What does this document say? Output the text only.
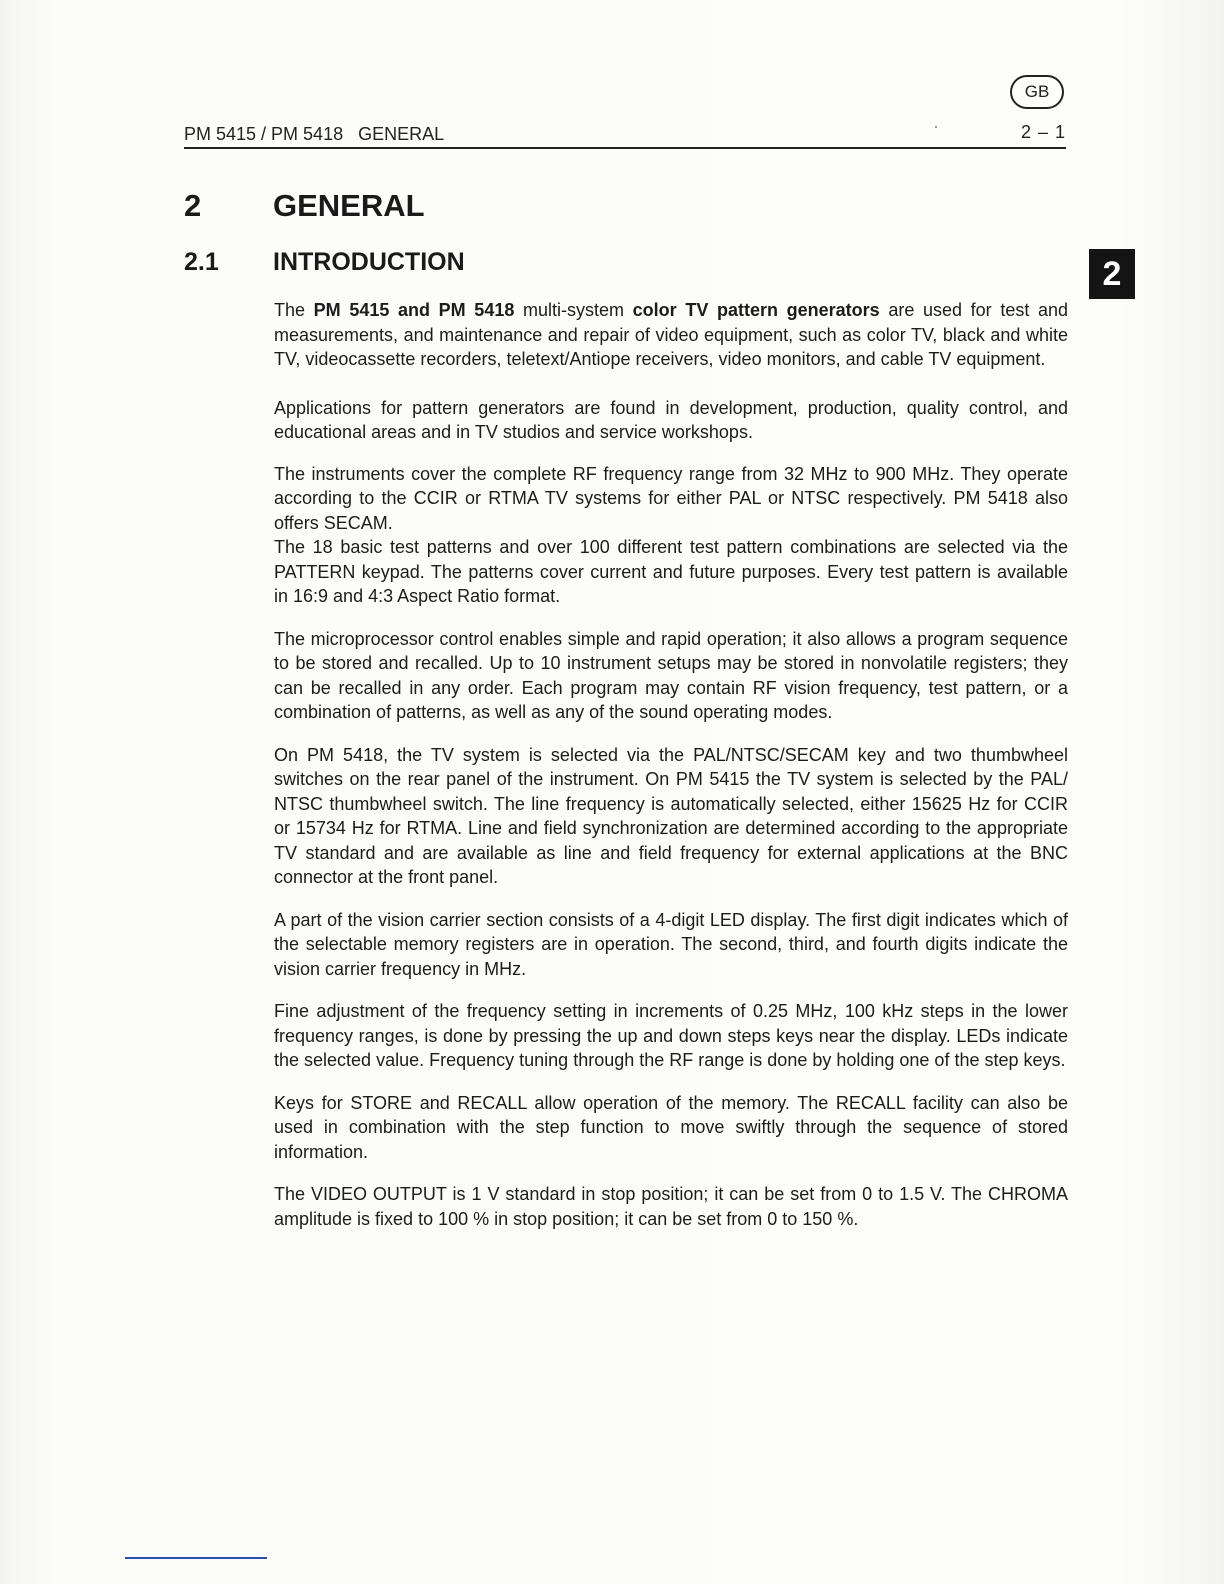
GB
PM 5415 / PM 5418   GENERAL	2 – 1
2 GENERAL
2.1 INTRODUCTION	2

The PM 5415 and PM 5418 multi-system color TV pattern generators are used for test and measurements, and maintenance and repair of video equipment, such as color TV, black and white TV, videocassette recorders, teletext/Antiope receivers, video monitors, and cable TV equipment.

Applications for pattern generators are found in development, production, quality control, and educational areas and in TV studios and service workshops.

The instruments cover the complete RF frequency range from 32 MHz to 900 MHz. They operate according to the CCIR or RTMA TV systems for either PAL or NTSC respectively. PM 5418 also offers SECAM.

The 18 basic test patterns and over 100 different test pattern combinations are selected via the PATTERN keypad. The patterns cover current and future purposes. Every test pattern is available in 16:9 and 4:3 Aspect Ratio format.

The microprocessor control enables simple and rapid operation; it also allows a program sequence to be stored and recalled. Up to 10 instrument setups may be stored in nonvolatile registers; they can be recalled in any order. Each program may contain RF vision frequency, test pattern, or a combination of patterns, as well as any of the sound operating modes.

On PM 5418, the TV system is selected via the PAL/NTSC/SECAM key and two thumbwheel switches on the rear panel of the instrument. On PM 5415 the TV system is selected by the PAL/ NTSC thumbwheel switch. The line frequency is automatically selected, either 15625 Hz for CCIR or 15734 Hz for RTMA. Line and field synchronization are determined according to the appropriate TV standard and are available as line and field frequency for external applications at the BNC connector at the front panel.

A part of the vision carrier section consists of a 4-digit LED display. The first digit indicates which of the selectable memory registers are in operation. The second, third, and fourth digits indicate the vision carrier frequency in MHz.

Fine adjustment of the frequency setting in increments of 0.25 MHz, 100 kHz steps in the lower frequency ranges, is done by pressing the up and down steps keys near the display. LEDs indicate the selected value. Frequency tuning through the RF range is done by holding one of the step keys.

Keys for STORE and RECALL allow operation of the memory. The RECALL facility can also be used in combination with the step function to move swiftly through the sequence of stored information.

The VIDEO OUTPUT is 1 V standard in stop position; it can be set from 0 to 1.5 V. The CHROMA amplitude is fixed to 100 % in stop position; it can be set from 0 to 150 %.
